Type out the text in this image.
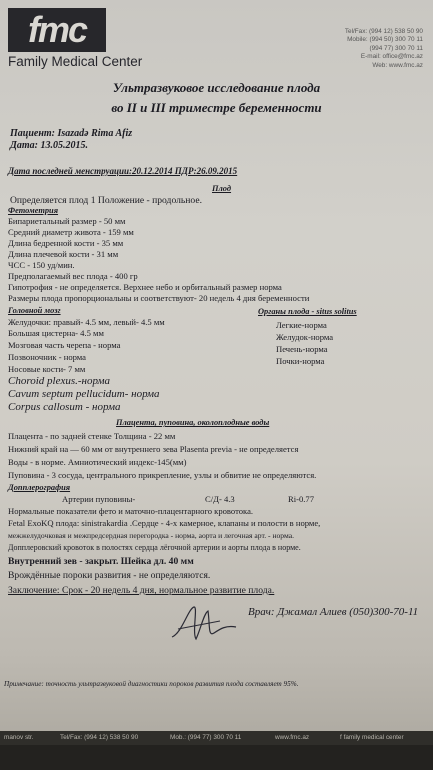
fmc
Family Medical Center
Tel/Fax: (994 12) 538 50 90
Mobile: (994 50) 300 70 11
(994 77) 300 70 11
E-mail: office@fmc.az
Web: www.fmc.az
Ультразвуковое исследование плода
во II и III триместре беременности
Пациент: Isazadə Rima Afiz
Дата: 13.05.2015.
Дата последней менструации:20.12.2014 ПДР:26.09.2015
Плод
Определяется плод 1 Положение - продольное.
Фетометрия
Бипариетальный размер - 50 мм
Средний диаметр живота - 159 мм
Длина бедренной кости - 35 мм
Длина плечевой кости - 31 мм
ЧСС - 150 уд/мин.
Предполагаемый вес плода - 400 гр
Гипотрофия - не определяется. Верхнее небо и орбитальный размер норма
Размеры плода пропорциональны и соответствуют- 20 недель 4 дня беременности
Головной мозг
Желудочки: правый- 4.5 мм, левый- 4.5 мм
Большая цистерна- 4.5 мм
Мозговая часть черепа - норма
Позвоночник - норма
Носовые кости- 7 мм
Choroid plexus.-норма
Cavum septum pellucidum- норма
Corpus callosum - норма
Органы плода - situs solitus
Легкие-норма
Желудок-норма
Печень-норма
Почки-норма
Плацента, пуповина, околоплодные воды
Плацента - по задней стенке Толщина - 22 мм
Нижний край на — 60 мм от внутреннего зева Plasenta previa - не определяется
Воды - в норме. Амниотический индекс-145(мм)
Пуповина - 3 сосуда, центрального прикрепление, узлы и обвитие не определяются.
Допплерография
Артерии пуповины-	С/Д- 4.3	Ri-0.77
Нормальные показатели фето и маточно-плацентарного кровотока.
Fetal ExoKQ плода: sinistrakardia .Сердце - 4-х камерное, клапаны и полости в норме,
межжелудочковая и межпредсердная перегородка - норма, аорта и легочная арт. - норма.
Допплеровский кровоток в полостях сердца лёгочной артерии и аорты плода в норме.
Внутренний зев - закрыт. Шейка дл. 40 мм
Врождённые пороки развития - не определяются.
Заключение: Срок - 20 недель 4 дня, нормальное развитие плода.
Врач: Джамал Алиев (050)300-70-11
Примечание: точность ультразвуковой диагностики пороков развития плода составляет 95%.
manov str.	Tel/Fax: (994 12) 538 50 90	Mob.: (994 77) 300 70 11	www.fmc.az	f family medical center
